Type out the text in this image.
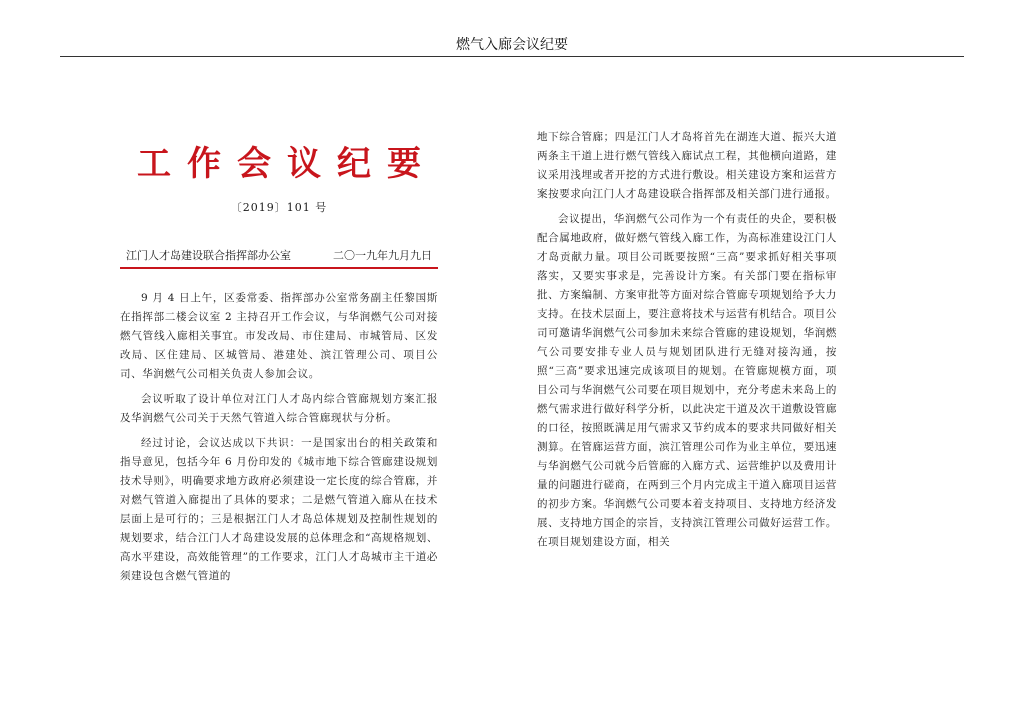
燃气入廊会议纪要
工作会议纪要
〔2019〕101 号
江门人才岛建设联合指挥部办公室	二〇一九年九月九日

9 月 4 日上午，区委常委、指挥部办公室常务副主任黎国斯在指挥部二楼会议室 2 主持召开工作会议，与华润燃气公司对接燃气管线入廊相关事宜。市发改局、市住建局、市城管局、区发改局、区住建局、区城管局、港建处、滨江管理公司、项目公司、华润燃气公司相关负责人参加会议。

会议听取了设计单位对江门人才岛内综合管廊规划方案汇报及华润燃气公司关于天然气管道入综合管廊现状与分析。

经过讨论，会议达成以下共识：一是国家出台的相关政策和指导意见，包括今年 6 月份印发的《城市地下综合管廊建设规划技术导则》，明确要求地方政府必须建设一定长度的综合管廊，并对燃气管道入廊提出了具体的要求；二是燃气管道入廊从在技术层面上是可行的；三是根据江门人才岛总体规划及控制性规划的规划要求，结合江门人才岛建设发展的总体理念和“高规格规划、高水平建设，高效能管理”的工作要求，江门人才岛城市主干道必须建设包含燃气管道的

地下综合管廊；四是江门人才岛将首先在湖连大道、振兴大道两条主干道上进行燃气管线入廊试点工程，其他横向道路，建议采用浅埋或者开挖的方式进行敷设。相关建设方案和运营方案按要求向江门人才岛建设联合指挥部及相关部门进行通报。

会议提出，华润燃气公司作为一个有责任的央企，要积极配合属地政府，做好燃气管线入廊工作，为高标准建设江门人才岛贡献力量。项目公司既要按照“三高”要求抓好相关事项落实，又要实事求是，完善设计方案。有关部门要在指标审批、方案编制、方案审批等方面对综合管廊专项规划给予大力支持。在技术层面上，要注意将技术与运营有机结合。项目公司可邀请华润燃气公司参加未来综合管廊的建设规划，华润燃气公司要安排专业人员与规划团队进行无缝对接沟通，按照“三高”要求迅速完成该项目的规划。在管廊规模方面，项目公司与华润燃气公司要在项目规划中，充分考虑未来岛上的燃气需求进行做好科学分析，以此决定干道及次干道敷设管廊的口径，按照既满足用气需求又节约成本的要求共同做好相关测算。在管廊运营方面，滨江管理公司作为业主单位，要迅速与华润燃气公司就今后管廊的入廊方式、运营维护以及费用计量的问题进行磋商，在两到三个月内完成主干道入廊项目运营的初步方案。华润燃气公司要本着支持项目、支持地方经济发展、支持地方国企的宗旨，支持滨江管理公司做好运营工作。在项目规划建设方面，相关
